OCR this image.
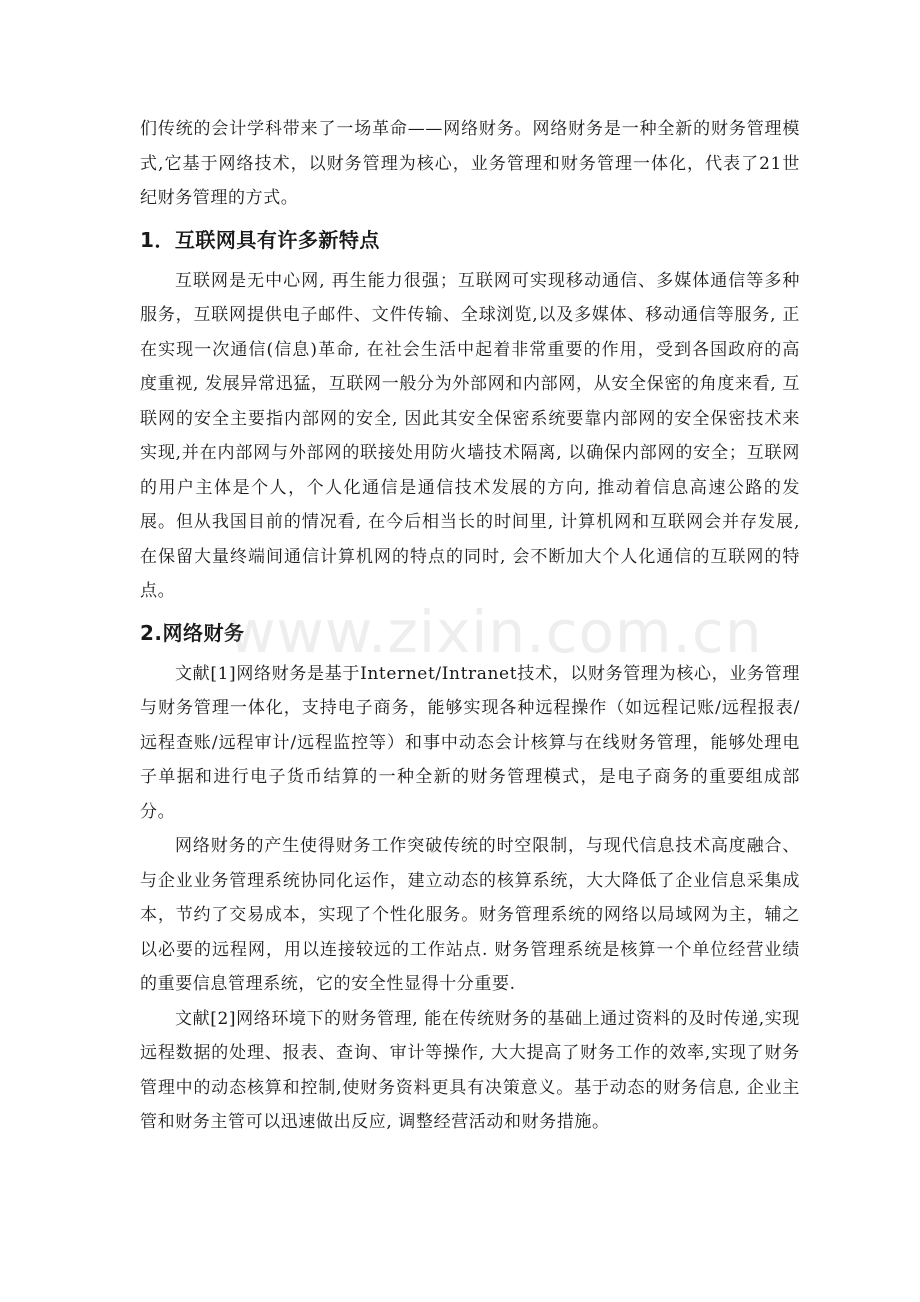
们传统的会计学科带来了一场革命——网络财务。网络财务是一种全新的财务管理模式,它基于网络技术，以财务管理为核心，业务管理和财务管理一体化，代表了21世纪财务管理的方式。

1．互联网具有许多新特点

互联网是无中心网, 再生能力很强；互联网可实现移动通信、多媒体通信等多种服务，互联网提供电子邮件、文件传输、全球浏览,以及多媒体、移动通信等服务, 正在实现一次通信(信息)革命, 在社会生活中起着非常重要的作用，受到各国政府的高度重视, 发展异常迅猛，互联网一般分为外部网和内部网，从安全保密的角度来看, 互联网的安全主要指内部网的安全, 因此其安全保密系统要靠内部网的安全保密技术来实现,并在内部网与外部网的联接处用防火墙技术隔离, 以确保内部网的安全；互联网的用户主体是个人，个人化通信是通信技术发展的方向, 推动着信息高速公路的发展。但从我国目前的情况看, 在今后相当长的时间里, 计算机网和互联网会并存发展, 在保留大量终端间通信计算机网的特点的同时, 会不断加大个人化通信的互联网的特点。

2.网络财务

文献[1]网络财务是基于Internet/Intranet技术，以财务管理为核心，业务管理与财务管理一体化，支持电子商务，能够实现各种远程操作（如远程记账/远程报表/远程查账/远程审计/远程监控等）和事中动态会计核算与在线财务管理，能够处理电子单据和进行电子货币结算的一种全新的财务管理模式，是电子商务的重要组成部分。

网络财务的产生使得财务工作突破传统的时空限制，与现代信息技术高度融合、与企业业务管理系统协同化运作，建立动态的核算系统，大大降低了企业信息采集成本，节约了交易成本，实现了个性化服务。财务管理系统的网络以局域网为主，辅之以必要的远程网，用以连接较远的工作站点. 财务管理系统是核算一个单位经营业绩的重要信息管理系统，它的安全性显得十分重要.

文献[2]网络环境下的财务管理, 能在传统财务的基础上通过资料的及时传递,实现远程数据的处理、报表、查询、审计等操作, 大大提高了财务工作的效率,实现了财务管理中的动态核算和控制,使财务资料更具有决策意义。基于动态的财务信息, 企业主管和财务主管可以迅速做出反应, 调整经营活动和财务措施。

www.zixin.com.cn
